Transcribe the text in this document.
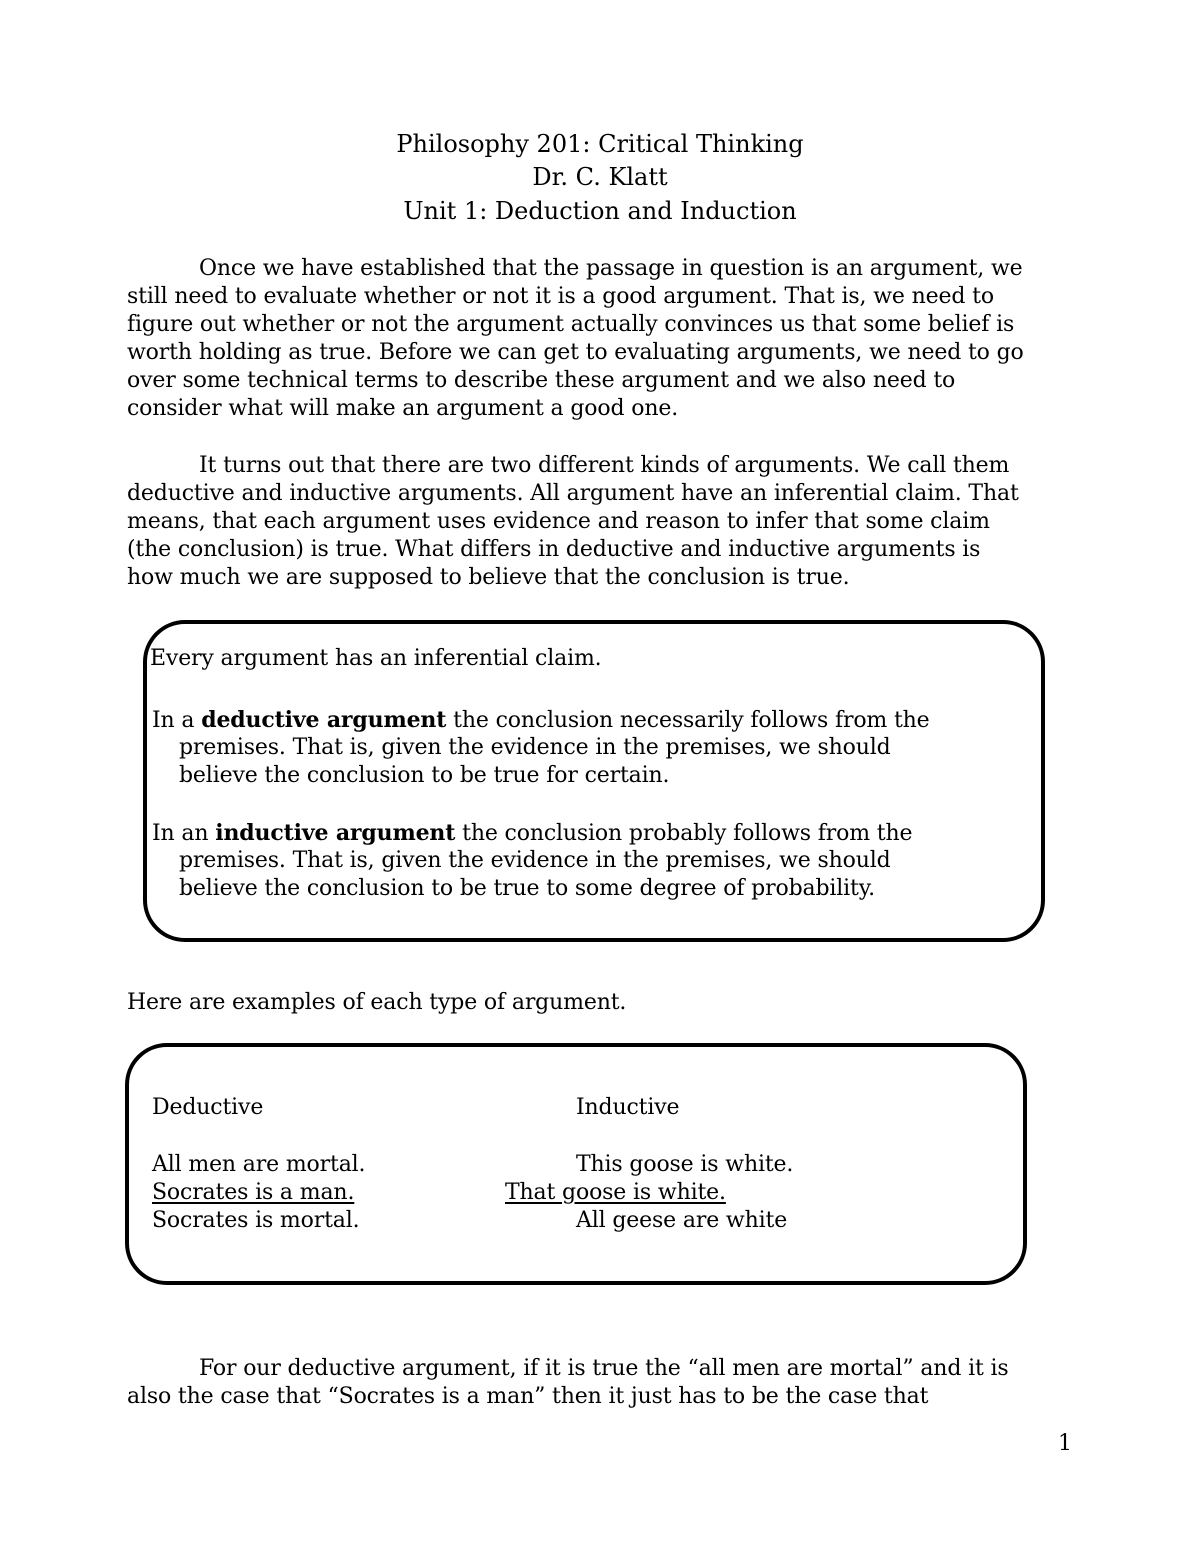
Philosophy 201: Critical Thinking
Dr. C. Klatt
Unit 1: Deduction and Induction
Once we have established that the passage in question is an argument, we
still need to evaluate whether or not it is a good argument. That is, we need to
figure out whether or not the argument actually convinces us that some belief is
worth holding as true. Before we can get to evaluating arguments, we need to go
over some technical terms to describe these argument and we also need to
consider what will make an argument a good one.
It turns out that there are two different kinds of arguments. We call them
deductive and inductive arguments. All argument have an inferential claim. That
means, that each argument uses evidence and reason to infer that some claim
(the conclusion) is true. What differs in deductive and inductive arguments is
how much we are supposed to believe that the conclusion is true.
Every argument has an inferential claim.
In a deductive argument the conclusion necessarily follows from the
premises. That is, given the evidence in the premises, we should
believe the conclusion to be true for certain.
In an inductive argument the conclusion probably follows from the
premises. That is, given the evidence in the premises, we should
believe the conclusion to be true to some degree of probability.
Here are examples of each type of argument.
Deductive	Inductive
All men are mortal.
Socrates is a man.
Socrates is mortal.
This goose is white.
That goose is white.
All geese are white
For our deductive argument, if it is true the “all men are mortal” and it is
also the case that “Socrates is a man” then it just has to be the case that
1
